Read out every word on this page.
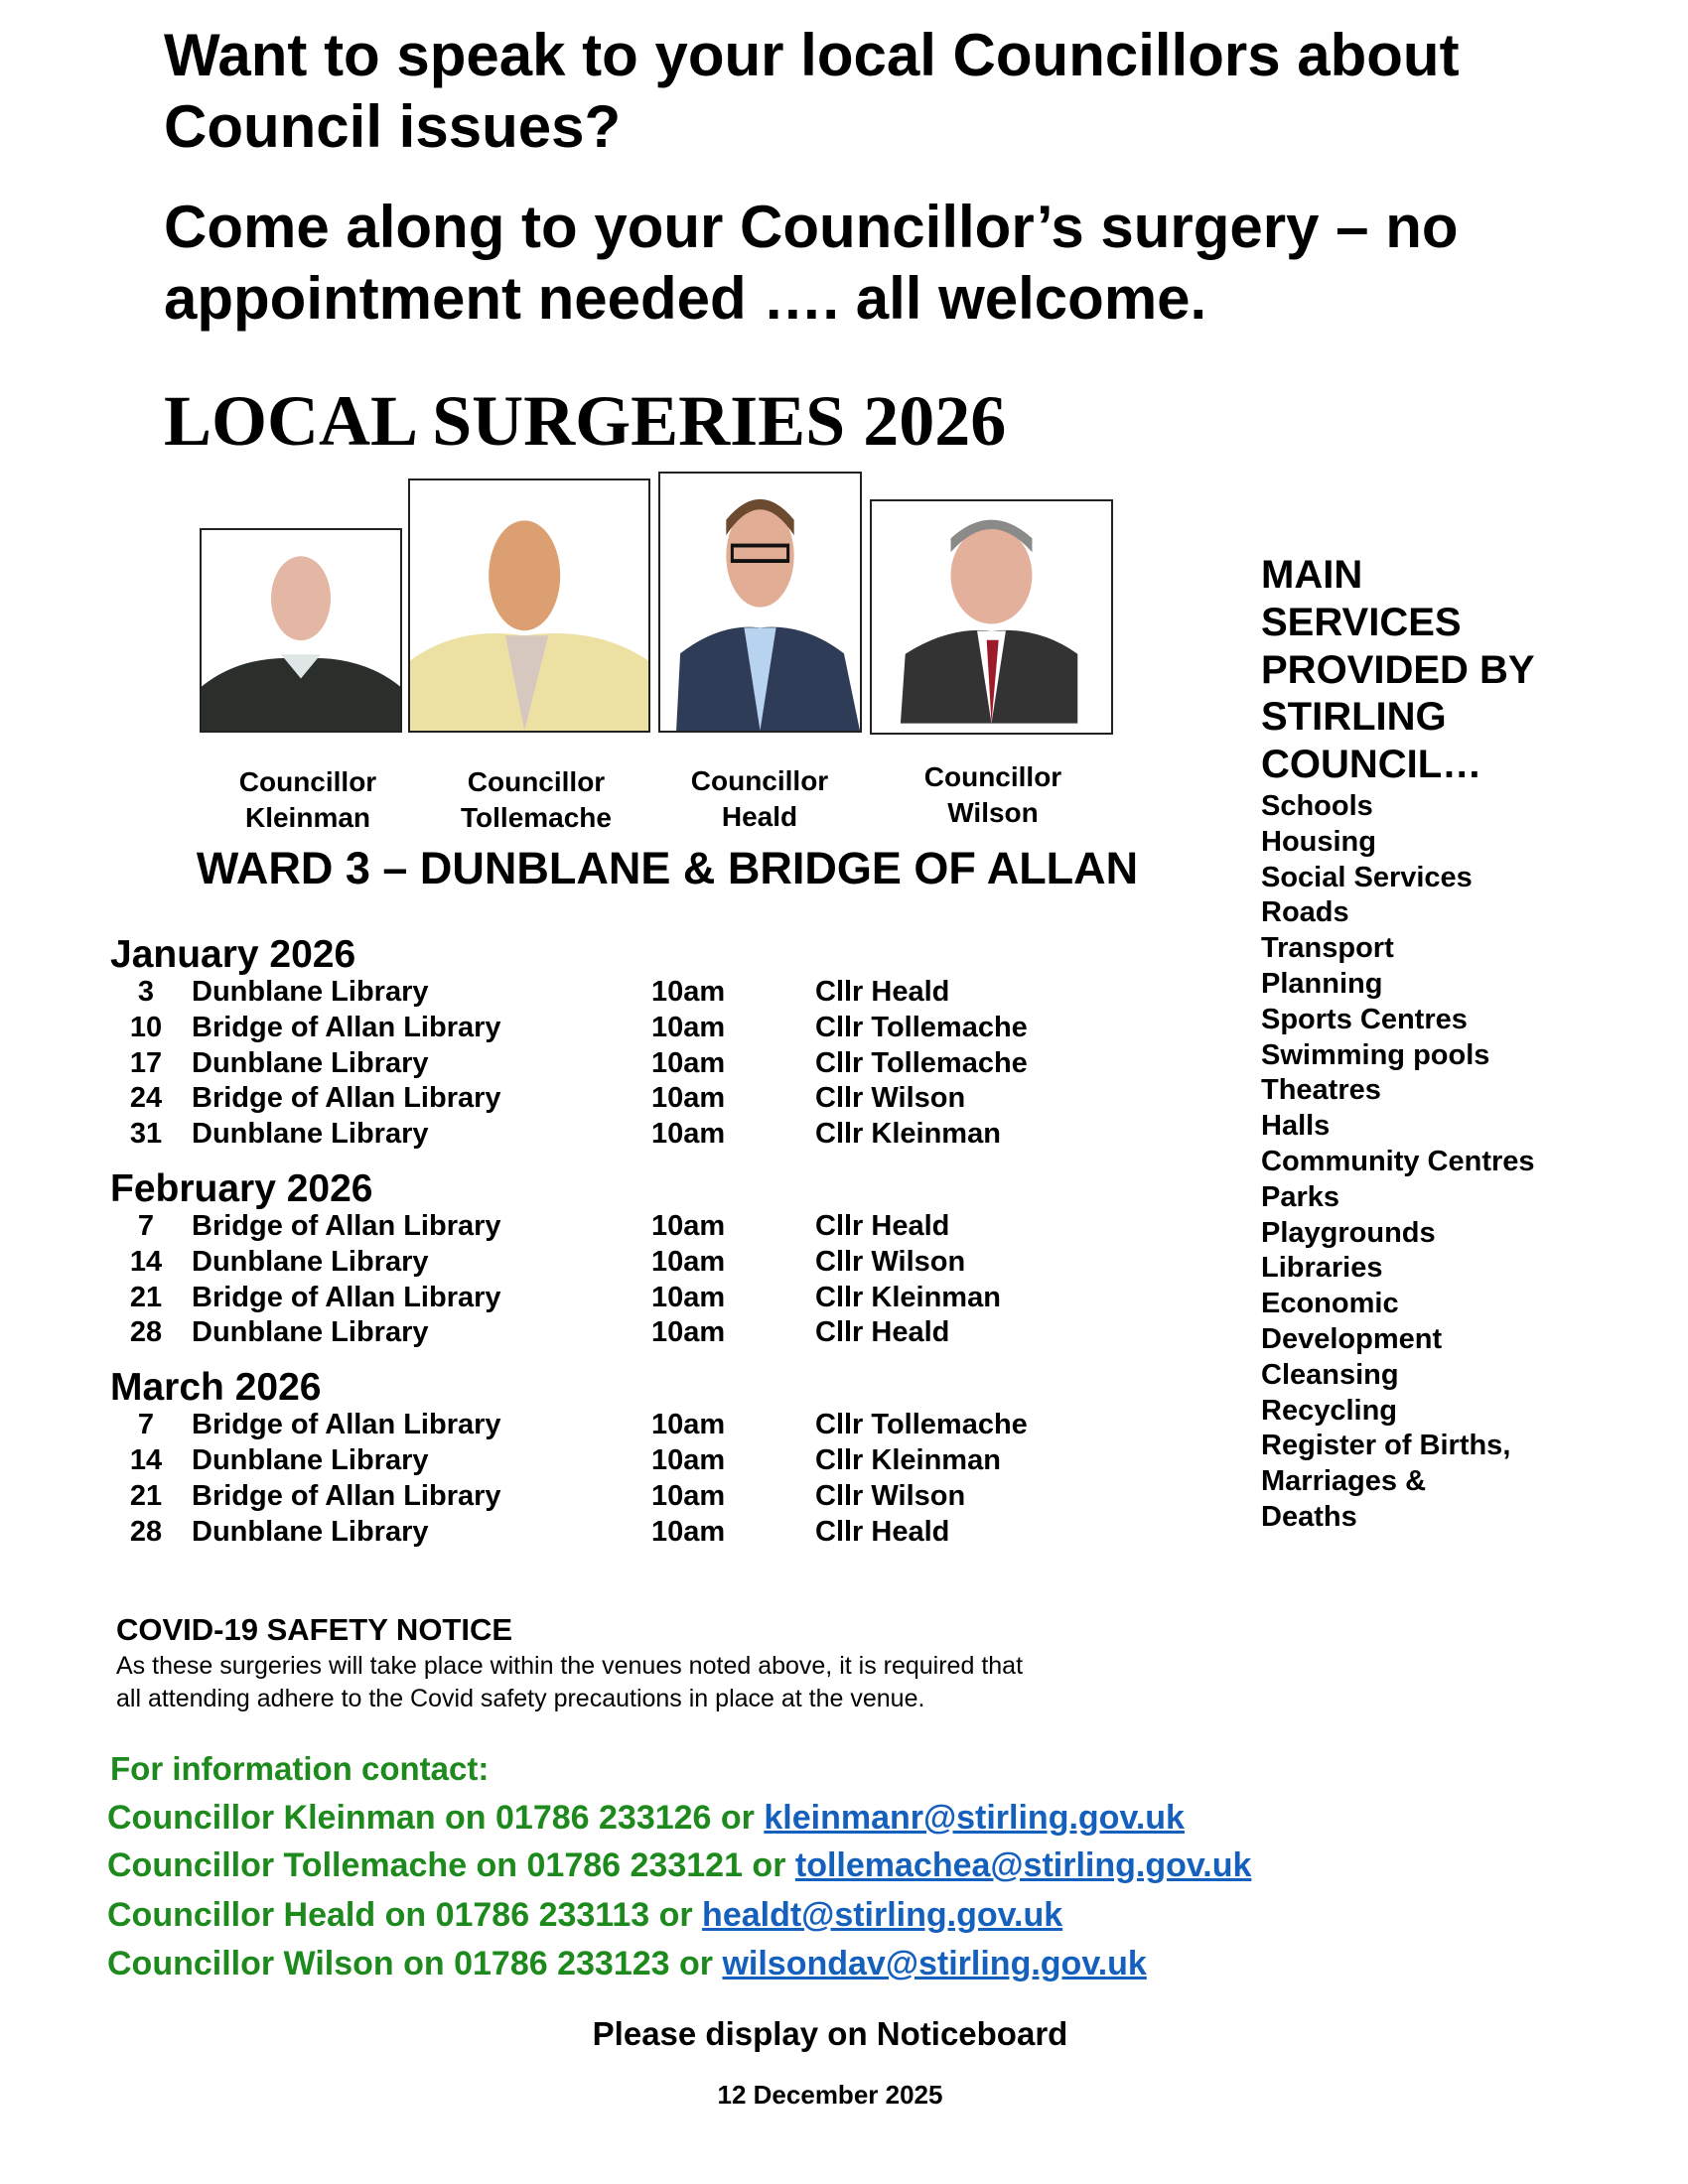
Want to speak to your local Councillors about
Council issues?
Come along to your Councillor’s surgery – no
appointment needed …. all welcome.
LOCAL SURGERIES 2026
Councillor
Kleinman
Councillor
Tollemache
Councillor
Heald
Councillor
Wilson
WARD 3 – DUNBLANE & BRIDGE OF ALLAN
MAIN
SERVICES
PROVIDED BY
STIRLING
COUNCIL…
Schools
Housing
Social Services
Roads
Transport
Planning
Sports Centres
Swimming pools
Theatres
Halls
Community Centres
Parks
Playgrounds
Libraries
Economic
Development
Cleansing
Recycling
Register of Births,
Marriages &
Deaths
January 2026
3	Dunblane Library	10am	Cllr Heald
10 Bridge of Allan Library	10am	Cllr Tollemache
17 Dunblane Library	10am	Cllr Tollemache
24 Bridge of Allan Library	10am	Cllr Wilson
31 Dunblane Library	10am	Cllr Kleinman
February 2026
7	Bridge of Allan Library	10am	Cllr Heald
14 Dunblane Library	10am	Cllr Wilson
21 Bridge of Allan Library	10am	Cllr Kleinman
28 Dunblane Library	10am	Cllr Heald
March 2026
7	Bridge of Allan Library	10am	Cllr Tollemache
14 Dunblane Library	10am	Cllr Kleinman
21 Bridge of Allan Library	10am	Cllr Wilson
28 Dunblane Library	10am	Cllr Heald
COVID-19 SAFETY NOTICE
As these surgeries will take place within the venues noted above, it is required that
all attending adhere to the Covid safety precautions in place at the venue.
For information contact:
Councillor Kleinman on 01786 233126 or kleinmanr@stirling.gov.uk
Councillor Tollemache on 01786 233121 or tollemachea@stirling.gov.uk
Councillor Heald on 01786 233113 or healdt@stirling.gov.uk
Councillor Wilson on 01786 233123 or wilsondav@stirling.gov.uk
Please display on Noticeboard
12 December 2025
